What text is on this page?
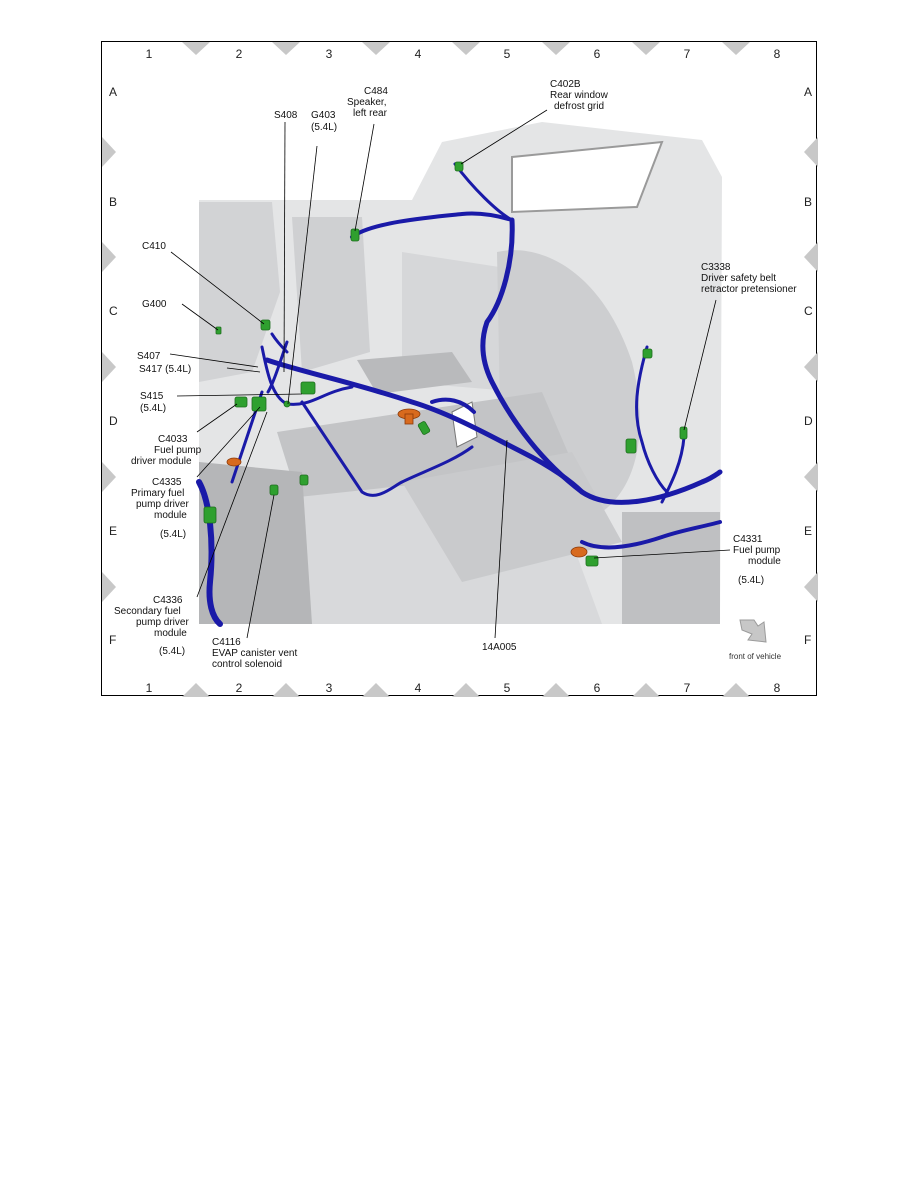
1	2	3	4	5	6	7	8
1	2	3	4	5	6	7	8
A
B
C
D
E
F
A
B
C
D
E
F
C484
Speaker,
left rear
C402B
Rear window
defrost grid
S408 G403
(5.4L)
C410
G400
S407
S417 (5.4L)
S415
(5.4L)
C4033
Fuel pump
driver module
C4335
Primary fuel
pump driver
module
(5.4L)
C4336
Secondary fuel
pump driver
module
(5.4L)
C4116
EVAP canister vent
control solenoid
C3338
Driver safety belt
retractor pretensioner
C4331
Fuel pump
module
(5.4L)
14A005
front of vehicle
